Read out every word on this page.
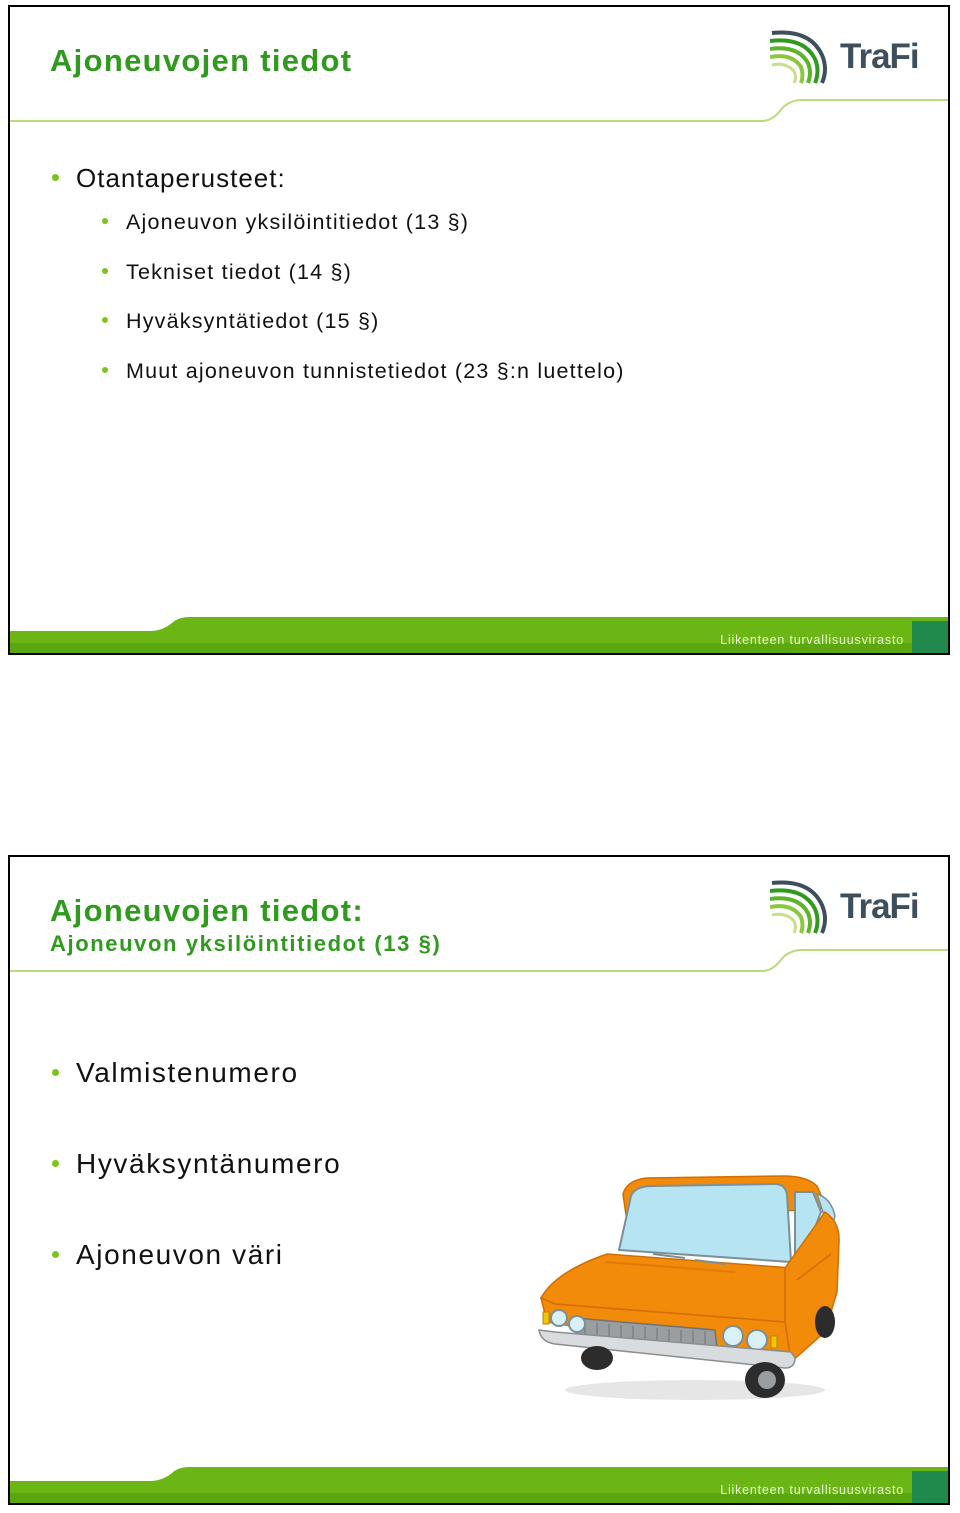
TraFi
Ajoneuvojen tiedot
Otantaperusteet:
Ajoneuvon yksilöintitiedot (13 §)
Tekniset tiedot (14 §)
Hyväksyntätiedot (15 §)
Muut ajoneuvon tunnistetiedot (23 §:n luettelo)
Liikenteen turvallisuusvirasto
TraFi
Ajoneuvojen tiedot:
Ajoneuvon yksilöintitiedot (13 §)
Valmistenumero
Hyväksyntänumero
Ajoneuvon väri
Liikenteen turvallisuusvirasto
